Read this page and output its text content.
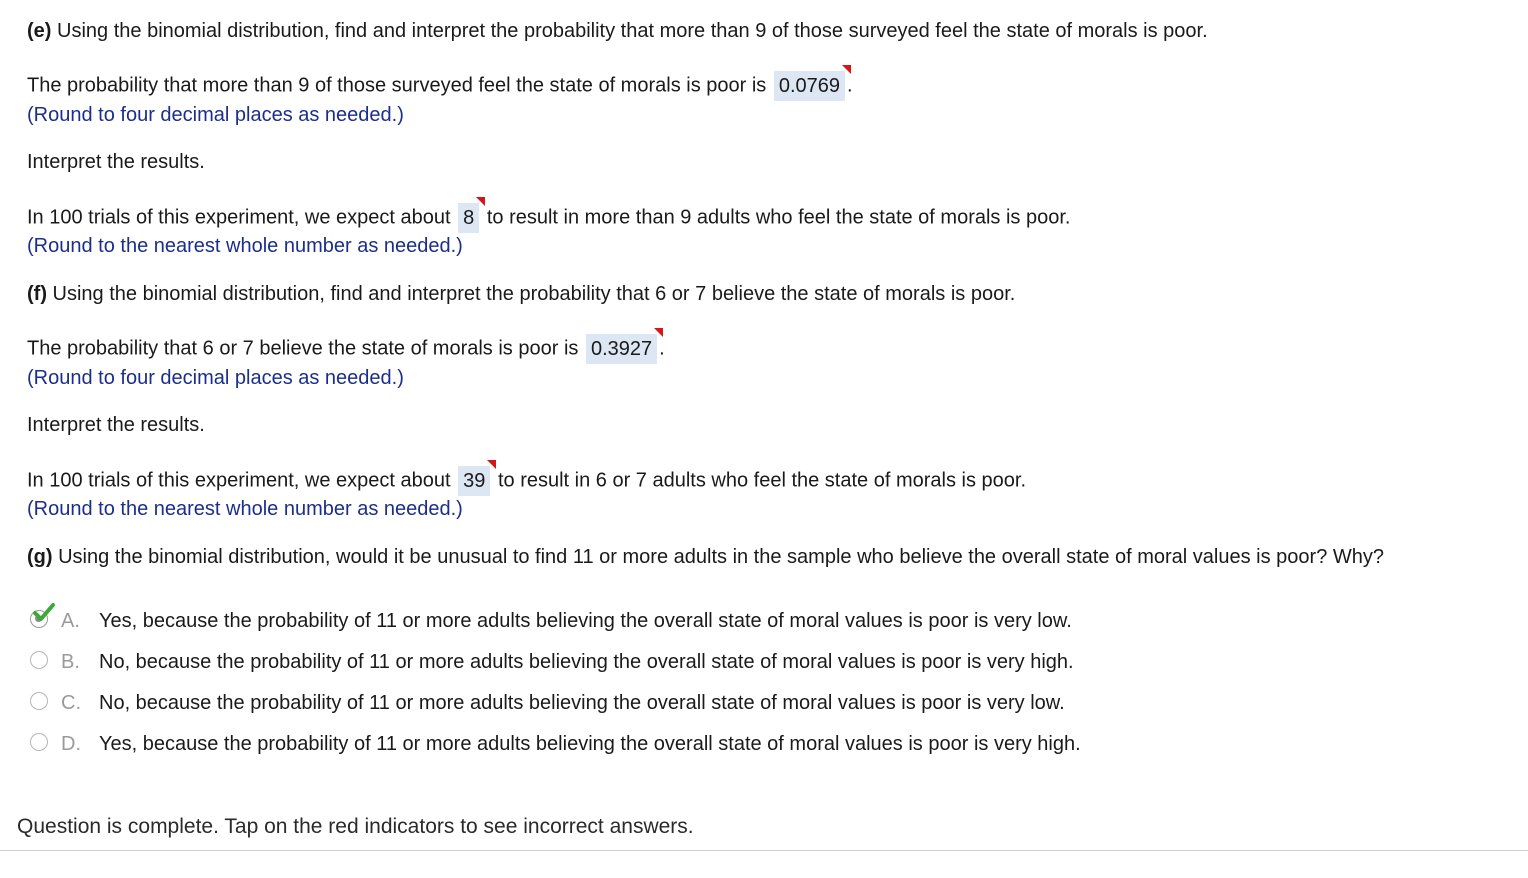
(e) Using the binomial distribution, find and interpret the probability that more than 9 of those surveyed feel the state of morals is poor.
The probability that more than 9 of those surveyed feel the state of morals is poor is 0.0769 .
(Round to four decimal places as needed.)
Interpret the results.
In 100 trials of this experiment, we expect about 8 to result in more than 9 adults who feel the state of morals is poor.
(Round to the nearest whole number as needed.)
(f) Using the binomial distribution, find and interpret the probability that 6 or 7 believe the state of morals is poor.
The probability that 6 or 7 believe the state of morals is poor is 0.3927 .
(Round to four decimal places as needed.)
Interpret the results.
In 100 trials of this experiment, we expect about 39 to result in 6 or 7 adults who feel the state of morals is poor.
(Round to the nearest whole number as needed.)
(g) Using the binomial distribution, would it be unusual to find 11 or more adults in the sample who believe the overall state of moral values is poor? Why?
A. Yes, because the probability of 11 or more adults believing the overall state of moral values is poor is very low.
B. No, because the probability of 11 or more adults believing the overall state of moral values is poor is very high.
C. No, because the probability of 11 or more adults believing the overall state of moral values is poor is very low.
D. Yes, because the probability of 11 or more adults believing the overall state of moral values is poor is very high.
Question is complete. Tap on the red indicators to see incorrect answers.
